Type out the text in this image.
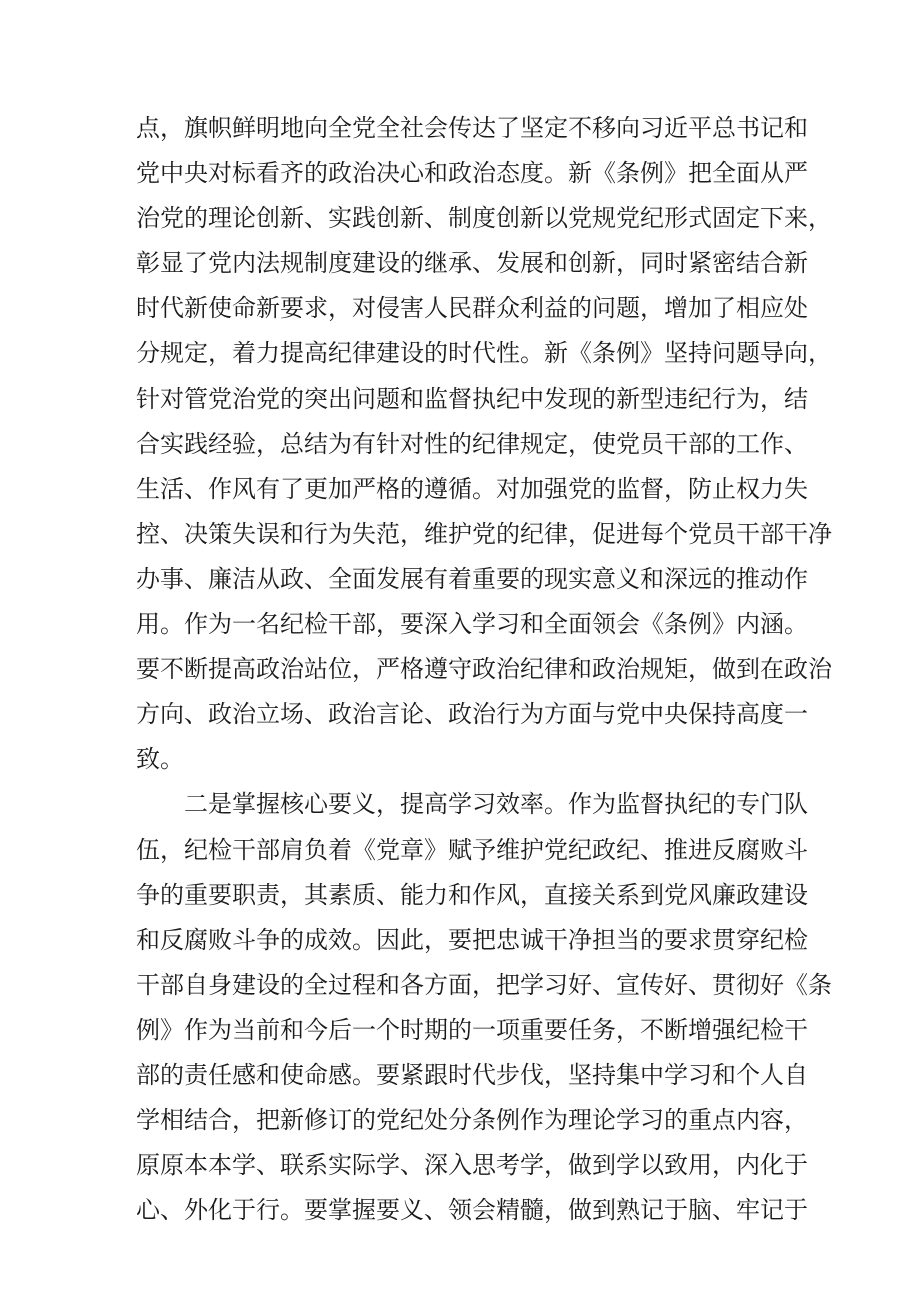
点，旗帜鲜明地向全党全社会传达了坚定不移向习近平总书记和
党中央对标看齐的政治决心和政治态度。新《条例》把全面从严
治党的理论创新、实践创新、制度创新以党规党纪形式固定下来，
彰显了党内法规制度建设的继承、发展和创新，同时紧密结合新
时代新使命新要求，对侵害人民群众利益的问题，增加了相应处
分规定，着力提高纪律建设的时代性。新《条例》坚持问题导向，
针对管党治党的突出问题和监督执纪中发现的新型违纪行为，结
合实践经验，总结为有针对性的纪律规定，使党员干部的工作、
生活、作风有了更加严格的遵循。对加强党的监督，防止权力失
控、决策失误和行为失范，维护党的纪律，促进每个党员干部干净
办事、廉洁从政、全面发展有着重要的现实意义和深远的推动作
用。作为一名纪检干部，要深入学习和全面领会《条例》内涵。
要不断提高政治站位，严格遵守政治纪律和政治规矩，做到在政治
方向、政治立场、政治言论、政治行为方面与党中央保持高度一
致。
二是掌握核心要义，提高学习效率。作为监督执纪的专门队
伍，纪检干部肩负着《党章》赋予维护党纪政纪、推进反腐败斗
争的重要职责，其素质、能力和作风，直接关系到党风廉政建设
和反腐败斗争的成效。因此，要把忠诚干净担当的要求贯穿纪检
干部自身建设的全过程和各方面，把学习好、宣传好、贯彻好《条
例》作为当前和今后一个时期的一项重要任务，不断增强纪检干
部的责任感和使命感。要紧跟时代步伐，坚持集中学习和个人自
学相结合，把新修订的党纪处分条例作为理论学习的重点内容，
原原本本学、联系实际学、深入思考学，做到学以致用，内化于
心、外化于行。要掌握要义、领会精髓，做到熟记于脑、牢记于
